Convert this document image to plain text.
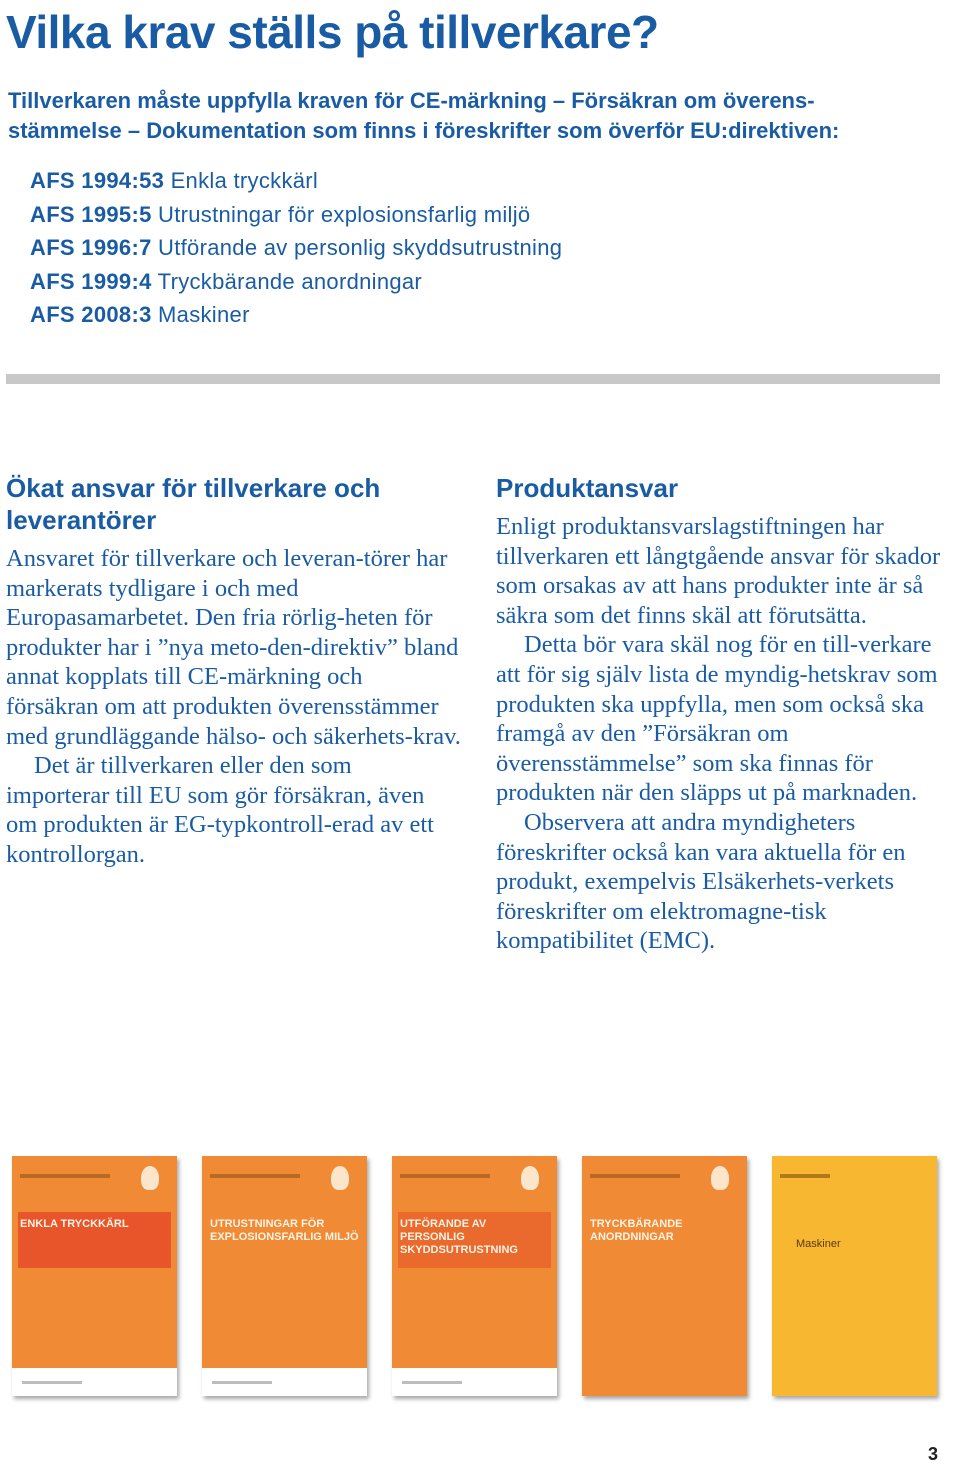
Vilka krav ställs på tillverkare?

Tillverkaren måste uppfylla kraven för CE-märkning – Försäkran om överens-stämmelse – Dokumentation som finns i föreskrifter som överför EU:direktiven:

AFS 1994:53 Enkla tryckkärl
AFS 1995:5 Utrustningar för explosionsfarlig miljö
AFS 1996:7 Utförande av personlig skyddsutrustning
AFS 1999:4 Tryckbärande anordningar
AFS 2008:3 Maskiner
Ökat ansvar för tillverkare och leverantörer

Ansvaret för tillverkare och leveran-törer har markerats tydligare i och med Europasamarbetet. Den fria rörlig-heten för produkter har i ”nya meto-den-direktiv” bland annat kopplats till CE-märkning och försäkran om att produkten överensstämmer med grundläggande hälso- och säkerhets-krav.

Det är tillverkaren eller den som importerar till EU som gör försäkran, även om produkten är EG-typkontroll-erad av ett kontrollorgan.

Produktansvar

Enligt produktansvarslagstiftningen har tillverkaren ett långtgående ansvar för skador som orsakas av att hans produkter inte är så säkra som det finns skäl att förutsätta.

Detta bör vara skäl nog för en till-verkare att för sig själv lista de myndig-hetskrav som produkten ska uppfylla, men som också ska framgå av den ”Försäkran om överensstämmelse” som ska finnas för produkten när den släpps ut på marknaden.

Observera att andra myndigheters föreskrifter också kan vara aktuella för en produkt, exempelvis Elsäkerhets-verkets föreskrifter om elektromagne-tisk kompatibilitet (EMC).

ENKLA TRYCKKÄRL	UTRUSTNINGAR FÖR EXPLOSIONSFARLIG MILJÖ
UTFÖRANDE AV PERSONLIG SKYDDSUTRUSTNING
TRYCKBÄRANDE ANORDNINGAR
Maskiner

3
